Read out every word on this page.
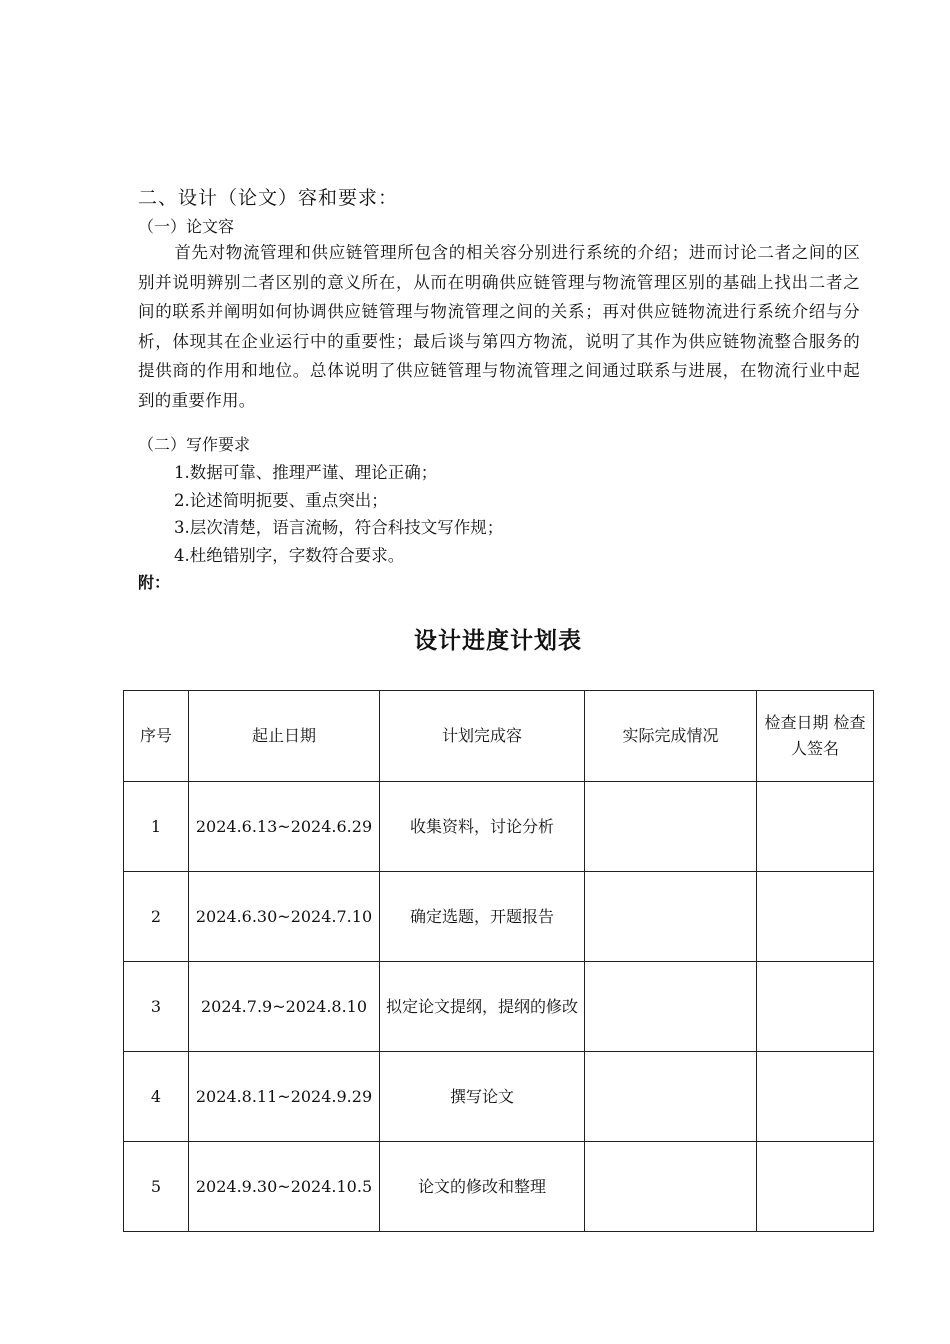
二、设计（论文）容和要求：
（一）论文容
首先对物流管理和供应链管理所包含的相关容分别进行系统的介绍；进而讨论二者之间的区别并说明辨别二者区别的意义所在，从而在明确供应链管理与物流管理区别的基础上找出二者之间的联系并阐明如何协调供应链管理与物流管理之间的关系；再对供应链物流进行系统介绍与分析，体现其在企业运行中的重要性；最后谈与第四方物流，说明了其作为供应链物流整合服务的提供商的作用和地位。总体说明了供应链管理与物流管理之间通过联系与进展，在物流行业中起到的重要作用。
（二）写作要求
1.数据可靠、推理严谨、理论正确；
2.论述简明扼要、重点突出；
3.层次清楚，语言流畅，符合科技文写作规；
4.杜绝错别字，字数符合要求。
附：
设计进度计划表
序号	起止日期	计划完成容	实际完成情况	检查日期 检查人签名
1	2024.6.13~2024.6.29	收集资料，讨论分析		
2	2024.6.30~2024.7.10	确定选题，开题报告		
3	2024.7.9~2024.8.10	拟定论文提纲，提纲的修改		
4	2024.8.11~2024.9.29	撰写论文		
5	2024.9.30~2024.10.5	论文的修改和整理		
